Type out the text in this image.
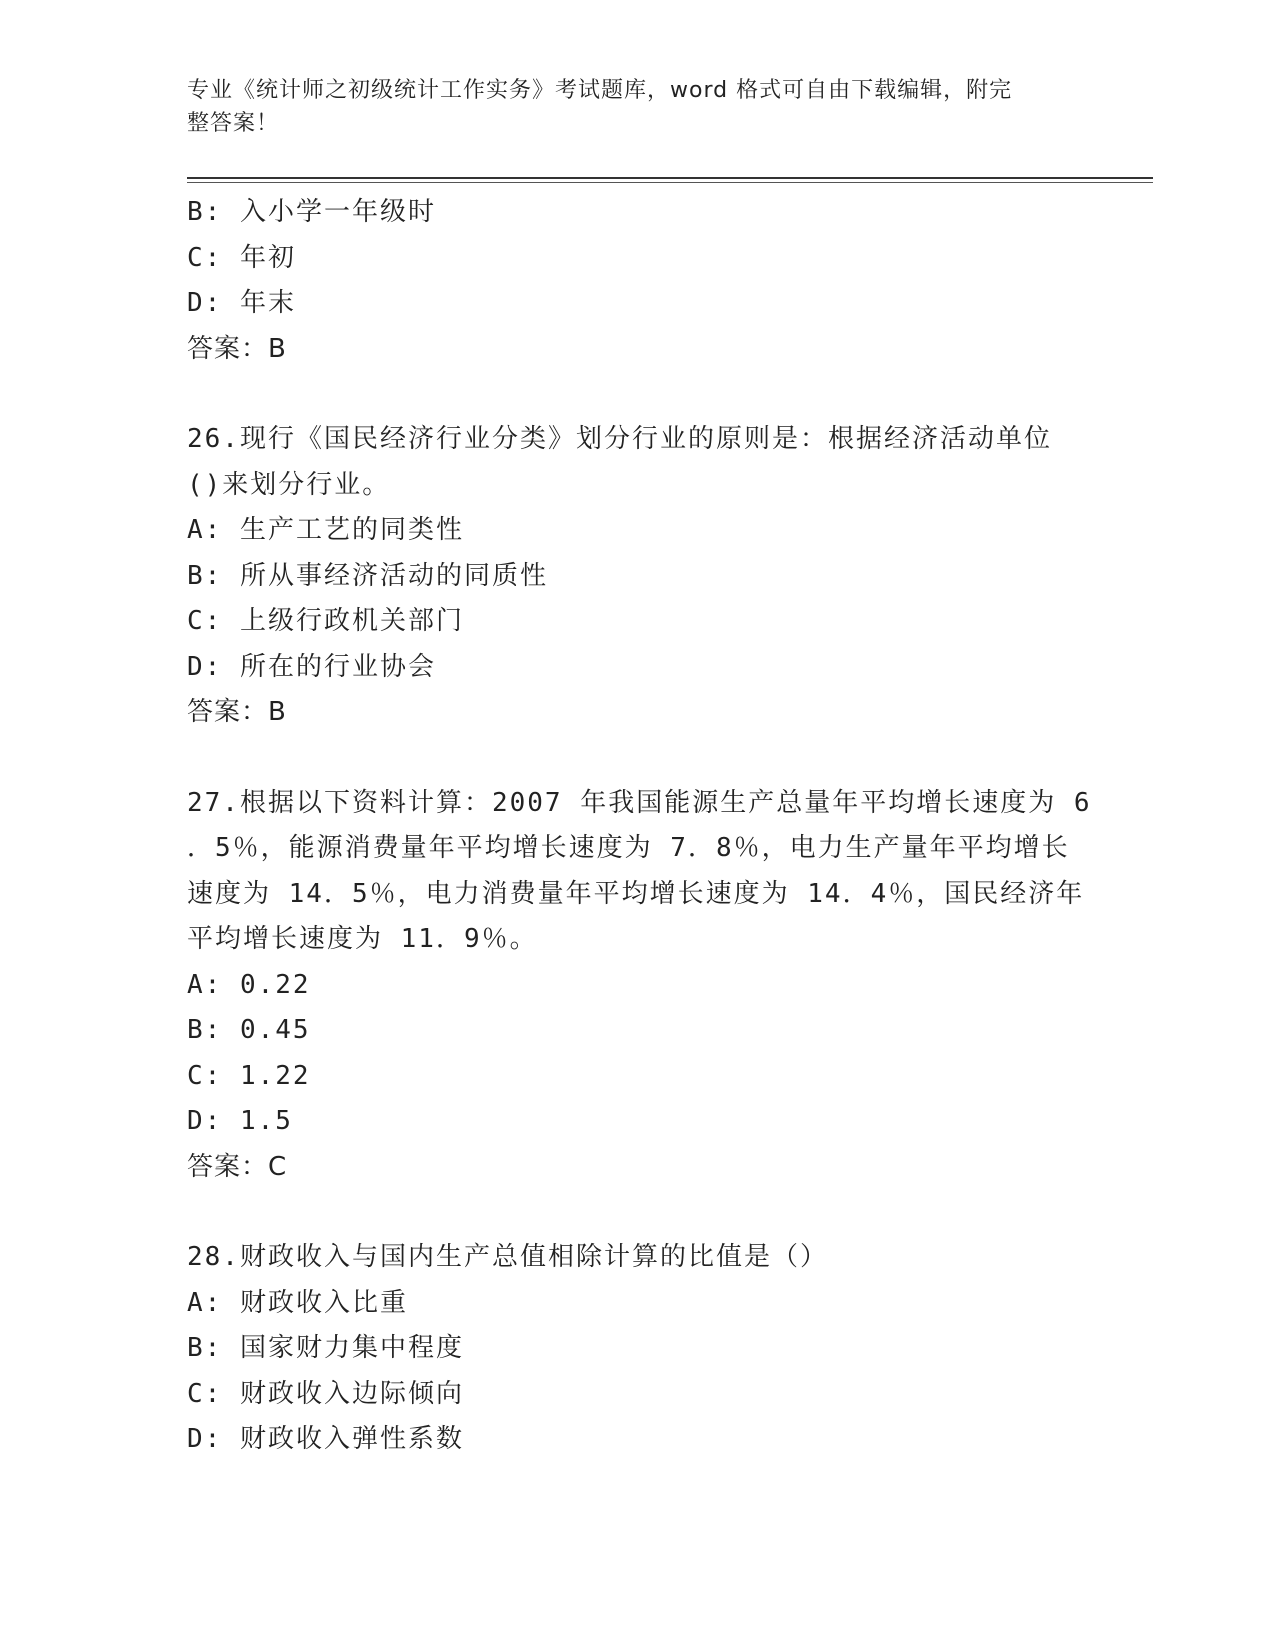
专业《统计师之初级统计工作实务》考试题库，word 格式可自由下载编辑，附完
整答案！
B: 入小学一年级时
C: 年初
D: 年末
答案：B
26.现行《国民经济行业分类》划分行业的原则是：根据经济活动单位
()来划分行业。
A: 生产工艺的同类性
B: 所从事经济活动的同质性
C: 上级行政机关部门
D: 所在的行业协会
答案：B
27.根据以下资料计算：2007 年我国能源生产总量年平均增长速度为 6
．5％，能源消费量年平均增长速度为 7．8％，电力生产量年平均增长
速度为 14．5％，电力消费量年平均增长速度为 14．4％，国民经济年
平均增长速度为 11．9％。
A: 0.22
B: 0.45
C: 1.22
D: 1.5
答案：C
28.财政收入与国内生产总值相除计算的比值是（）
A: 财政收入比重
B: 国家财力集中程度
C: 财政收入边际倾向
D: 财政收入弹性系数
